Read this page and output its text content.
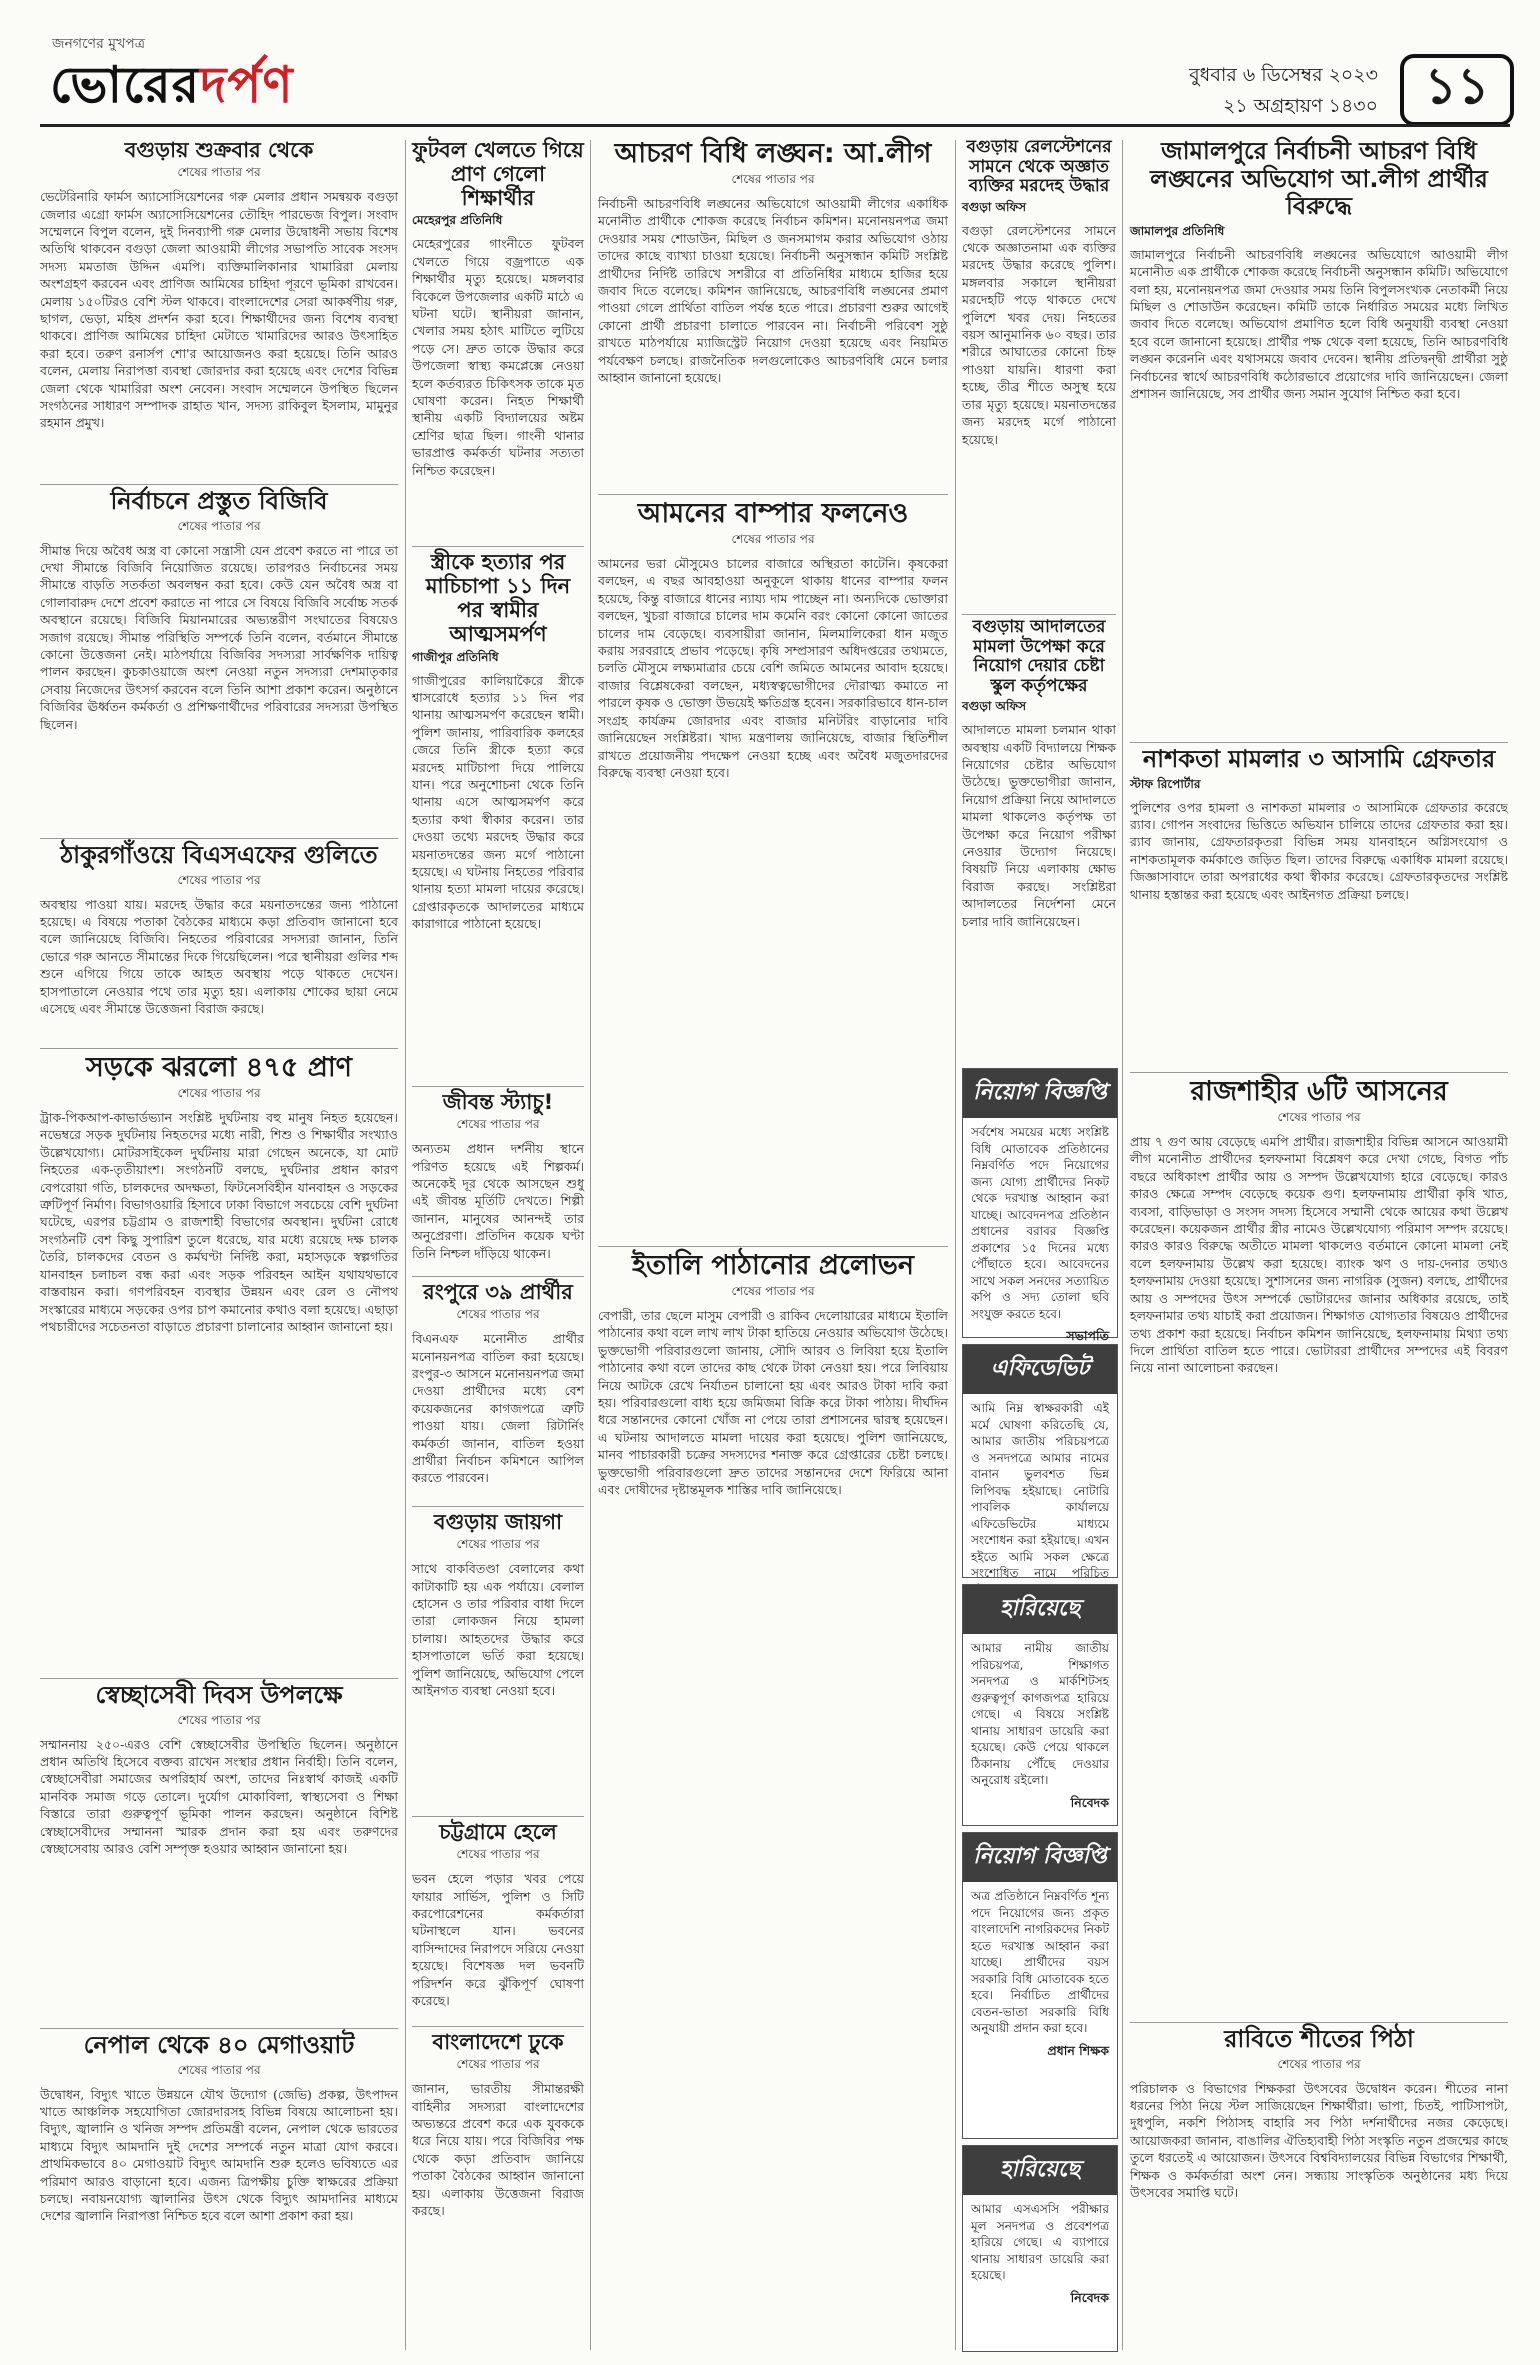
জনগণের মুখপত্র
ভোরেরদর্পণ	বুধবার ৬ ডিসেম্বর ২০২৩
২১ অগ্রহায়ণ ১৪৩০ ১১
বগুড়ায় শুক্রবার থেকে
শেষের পাতার পর

ভেটেরিনারি ফার্মস অ্যাসোসিয়েশনের গরু মেলার প্রধান সমন্বয়ক বগুড়া জেলার এগ্রো ফার্মস অ্যাসোসিয়েশনের তৌহিদ পারভেজ বিপুল। সংবাদ সম্মেলনে বিপুল বলেন, দুই দিনব্যাপী গরু মেলার উদ্বোধনী সভায় বিশেষ অতিথি থাকবেন বগুড়া জেলা আওয়ামী লীগের সভাপতি সাবেক সংসদ সদস্য মমতাজ উদ্দিন এমপি। ব্যক্তিমালিকানার খামারিরা মেলায় অংশগ্রহণ করবেন এবং প্রাণিজ আমিষের চাহিদা পূরণে ভূমিকা রাখবেন। মেলায় ১৫০টিরও বেশি স্টল থাকবে। বাংলাদেশের সেরা আকর্ষণীয় গরু, ছাগল, ভেড়া, মহিষ প্রদর্শন করা হবে। শিক্ষার্থীদের জন্য বিশেষ ব্যবস্থা থাকবে। প্রাণিজ আমিষের চাহিদা মেটাতে খামারিদের আরও উৎসাহিত করা হবে। তরুণ রনার্সপ শো'র আয়োজনও করা হয়েছে। তিনি আরও বলেন, মেলায় নিরাপত্তা ব্যবস্থা জোরদার করা হয়েছে এবং দেশের বিভিন্ন জেলা থেকে খামারিরা অংশ নেবেন। সংবাদ সম্মেলনে উপস্থিত ছিলেন সংগঠনের সাধারণ সম্পাদক রাহাত খান, সদস্য রাকিবুল ইসলাম, মামুনুর রহমান প্রমুখ।

নির্বাচনে প্রস্তুত বিজিবি
শেষের পাতার পর

সীমান্ত দিয়ে অবৈধ অস্ত্র বা কোনো সন্ত্রাসী যেন প্রবেশ করতে না পারে তা দেখা সীমান্তে বিজিবি নিয়োজিত রয়েছে। তারপরও নির্বাচনের সময় সীমান্তে বাড়তি সতর্কতা অবলম্বন করা হবে। কেউ যেন অবৈধ অস্ত্র বা গোলাবারুদ দেশে প্রবেশ করাতে না পারে সে বিষয়ে বিজিবি সর্বোচ্চ সতর্ক অবস্থানে রয়েছে। বিজিবি মিয়ানমারের অভ্যন্তরীণ সংঘাতের বিষয়েও সজাগ রয়েছে। সীমান্ত পরিস্থিতি সম্পর্কে তিনি বলেন, বর্তমানে সীমান্তে কোনো উত্তেজনা নেই। মাঠপর্যায়ে বিজিবির সদস্যরা সার্বক্ষণিক দায়িত্ব পালন করছেন। কুচকাওয়াজে অংশ নেওয়া নতুন সদস্যরা দেশমাতৃকার সেবায় নিজেদের উৎসর্গ করবেন বলে তিনি আশা প্রকাশ করেন। অনুষ্ঠানে বিজিবির ঊর্ধ্বতন কর্মকর্তা ও প্রশিক্ষণার্থীদের পরিবারের সদস্যরা উপস্থিত ছিলেন।

ঠাকুরগাঁওয়ে বিএসএফের গুলিতে
শেষের পাতার পর

অবস্থায় পাওয়া যায়। মরদেহ উদ্ধার করে ময়নাতদন্তের জন্য পাঠানো হয়েছে। এ বিষয়ে পতাকা বৈঠকের মাধ্যমে কড়া প্রতিবাদ জানানো হবে বলে জানিয়েছে বিজিবি। নিহতের পরিবারের সদস্যরা জানান, তিনি ভোরে গরু আনতে সীমান্তের দিকে গিয়েছিলেন। পরে স্থানীয়রা গুলির শব্দ শুনে এগিয়ে গিয়ে তাকে আহত অবস্থায় পড়ে থাকতে দেখেন। হাসপাতালে নেওয়ার পথে তার মৃত্যু হয়। এলাকায় শোকের ছায়া নেমে এসেছে এবং সীমান্তে উত্তেজনা বিরাজ করছে।

সড়কে ঝরলো ৪৭৫ প্রাণ
শেষের পাতার পর

ট্রাক-পিকআপ-কাভার্ডভ্যান সংশ্লিষ্ট দুর্ঘটনায় বহু মানুষ নিহত হয়েছেন। নভেম্বরে সড়ক দুর্ঘটনায় নিহতদের মধ্যে নারী, শিশু ও শিক্ষার্থীর সংখ্যাও উল্লেখযোগ্য। মোটরসাইকেল দুর্ঘটনায় মারা গেছেন অনেকে, যা মোট নিহতের এক-তৃতীয়াংশ। সংগঠনটি বলছে, দুর্ঘটনার প্রধান কারণ বেপরোয়া গতি, চালকদের অদক্ষতা, ফিটনেসবিহীন যানবাহন ও সড়কের ত্রুটিপূর্ণ নির্মাণ। বিভাগওয়ারি হিসাবে ঢাকা বিভাগে সবচেয়ে বেশি দুর্ঘটনা ঘটেছে, এরপর চট্টগ্রাম ও রাজশাহী বিভাগের অবস্থান। দুর্ঘটনা রোধে সংগঠনটি বেশ কিছু সুপারিশ তুলে ধরেছে, যার মধ্যে রয়েছে দক্ষ চালক তৈরি, চালকদের বেতন ও কর্মঘণ্টা নির্দিষ্ট করা, মহাসড়কে স্বল্পগতির যানবাহন চলাচল বন্ধ করা এবং সড়ক পরিবহন আইন যথাযথভাবে বাস্তবায়ন করা। গণপরিবহন ব্যবস্থার উন্নয়ন এবং রেল ও নৌপথ সংস্কারের মাধ্যমে সড়কের ওপর চাপ কমানোর কথাও বলা হয়েছে। এছাড়া পথচারীদের সচেতনতা বাড়াতে প্রচারণা চালানোর আহ্বান জানানো হয়।

স্বেচ্ছাসেবী দিবস উপলক্ষে
শেষের পাতার পর

সম্মাননায় ২৫০-এরও বেশি স্বেচ্ছাসেবীর উপস্থিতি ছিলেন। অনুষ্ঠানে প্রধান অতিথি হিসেবে বক্তব্য রাখেন সংস্থার প্রধান নির্বাহী। তিনি বলেন, স্বেচ্ছাসেবীরা সমাজের অপরিহার্য অংশ, তাদের নিঃস্বার্থ কাজই একটি মানবিক সমাজ গড়ে তোলে। দুর্যোগ মোকাবিলা, স্বাস্থ্যসেবা ও শিক্ষা বিস্তারে তারা গুরুত্বপূর্ণ ভূমিকা পালন করছেন। অনুষ্ঠানে বিশিষ্ট স্বেচ্ছাসেবীদের সম্মাননা স্মারক প্রদান করা হয় এবং তরুণদের স্বেচ্ছাসেবায় আরও বেশি সম্পৃক্ত হওয়ার আহ্বান জানানো হয়।

নেপাল থেকে ৪০ মেগাওয়াট
শেষের পাতার পর

উদ্বোধন, বিদ্যুৎ খাতে উন্নয়নে যৌথ উদ্যোগ (জেভি) প্রকল্প, উৎপাদন খাতে আঞ্চলিক সহযোগিতা জোরদারসহ বিভিন্ন বিষয়ে আলোচনা হয়। বিদ্যুৎ, জ্বালানি ও খনিজ সম্পদ প্রতিমন্ত্রী বলেন, নেপাল থেকে ভারতের মাধ্যমে বিদ্যুৎ আমদানি দুই দেশের সম্পর্কে নতুন মাত্রা যোগ করবে। প্রাথমিকভাবে ৪০ মেগাওয়াট বিদ্যুৎ আমদানি শুরু হলেও ভবিষ্যতে এর পরিমাণ আরও বাড়ানো হবে। এজন্য ত্রিপক্ষীয় চুক্তি স্বাক্ষরের প্রক্রিয়া চলছে। নবায়নযোগ্য জ্বালানির উৎস থেকে বিদ্যুৎ আমদানির মাধ্যমে দেশের জ্বালানি নিরাপত্তা নিশ্চিত হবে বলে আশা প্রকাশ করা হয়।

ফুটবল খেলতে গিয়ে প্রাণ গেলো শিক্ষার্থীর
মেহেরপুর প্রতিনিধি

মেহেরপুরের গাংনীতে ফুটবল খেলতে গিয়ে বজ্রপাতে এক শিক্ষার্থীর মৃত্যু হয়েছে। মঙ্গলবার বিকেলে উপজেলার একটি মাঠে এ ঘটনা ঘটে। স্থানীয়রা জানান, খেলার সময় হঠাৎ মাটিতে লুটিয়ে পড়ে সে। দ্রুত তাকে উদ্ধার করে উপজেলা স্বাস্থ্য কমপ্লেক্সে নেওয়া হলে কর্তব্যরত চিকিৎসক তাকে মৃত ঘোষণা করেন। নিহত শিক্ষার্থী স্থানীয় একটি বিদ্যালয়ের অষ্টম শ্রেণির ছাত্র ছিল। গাংনী থানার ভারপ্রাপ্ত কর্মকর্তা ঘটনার সত্যতা নিশ্চিত করেছেন।

স্ত্রীকে হত্যার পর মাচিচাপা ১১ দিন পর স্বামীর আত্মসমর্পণ
গাজীপুর প্রতিনিধি

গাজীপুরের কালিয়াকৈরে স্ত্রীকে শ্বাসরোধে হত্যার ১১ দিন পর থানায় আত্মসমর্পণ করেছেন স্বামী। পুলিশ জানায়, পারিবারিক কলহের জেরে তিনি স্ত্রীকে হত্যা করে মরদেহ মাটিচাপা দিয়ে পালিয়ে যান। পরে অনুশোচনা থেকে তিনি থানায় এসে আত্মসমর্পণ করে হত্যার কথা স্বীকার করেন। তার দেওয়া তথ্যে মরদেহ উদ্ধার করে ময়নাতদন্তের জন্য মর্গে পাঠানো হয়েছে। এ ঘটনায় নিহতের পরিবার থানায় হত্যা মামলা দায়ের করেছে। গ্রেপ্তারকৃতকে আদালতের মাধ্যমে কারাগারে পাঠানো হয়েছে।

জীবন্ত স্ট্যাচু!
শেষের পাতার পর

অন্যতম প্রধান দর্শনীয় স্থানে পরিণত হয়েছে এই শিল্পকর্ম। অনেকেই দূর থেকে আসছেন শুধু এই জীবন্ত মূর্তিটি দেখতে। শিল্পী জানান, মানুষের আনন্দই তার অনুপ্রেরণা। প্রতিদিন কয়েক ঘণ্টা তিনি নিশ্চল দাঁড়িয়ে থাকেন।

রংপুরে ৩৯ প্রার্থীর
শেষের পাতার পর

বিএনএফ মনোনীত প্রার্থীর মনোনয়নপত্র বাতিল করা হয়েছে। রংপুর-৩ আসনে মনোনয়নপত্র জমা দেওয়া প্রার্থীদের মধ্যে বেশ কয়েকজনের কাগজপত্রে ত্রুটি পাওয়া যায়। জেলা রিটার্নিং কর্মকর্তা জানান, বাতিল হওয়া প্রার্থীরা নির্বাচন কমিশনে আপিল করতে পারবেন।

বগুড়ায় জায়গা
শেষের পাতার পর

সাথে বাকবিতণ্ডা বেলালের কথা কাটাকাটি হয় এক পর্যায়ে। বেলাল হোসেন ও তার পরিবার বাধা দিলে তারা লোকজন নিয়ে হামলা চালায়। আহতদের উদ্ধার করে হাসপাতালে ভর্তি করা হয়েছে। পুলিশ জানিয়েছে, অভিযোগ পেলে আইনগত ব্যবস্থা নেওয়া হবে।

চট্টগ্রামে হেলে
শেষের পাতার পর

ভবন হেলে পড়ার খবর পেয়ে ফায়ার সার্ভিস, পুলিশ ও সিটি করপোরেশনের কর্মকর্তারা ঘটনাস্থলে যান। ভবনের বাসিন্দাদের নিরাপদে সরিয়ে নেওয়া হয়েছে। বিশেষজ্ঞ দল ভবনটি পরিদর্শন করে ঝুঁকিপূর্ণ ঘোষণা করেছে।

বাংলাদেশে ঢুকে
শেষের পাতার পর

জানান, ভারতীয় সীমান্তরক্ষী বাহিনীর সদস্যরা বাংলাদেশের অভ্যন্তরে প্রবেশ করে এক যুবককে ধরে নিয়ে যায়। পরে বিজিবির পক্ষ থেকে কড়া প্রতিবাদ জানিয়ে পতাকা বৈঠকের আহ্বান জানানো হয়। এলাকায় উত্তেজনা বিরাজ করছে।

আচরণ বিধি লঙ্ঘন: আ.লীগ
শেষের পাতার পর

নির্বাচনী আচরণবিধি লঙ্ঘনের অভিযোগে আওয়ামী লীগের একাধিক মনোনীত প্রার্থীকে শোকজ করেছে নির্বাচন কমিশন। মনোনয়নপত্র জমা দেওয়ার সময় শোডাউন, মিছিল ও জনসমাগম করার অভিযোগ ওঠায় তাদের কাছে ব্যাখ্যা চাওয়া হয়েছে। নির্বাচনী অনুসন্ধান কমিটি সংশ্লিষ্ট প্রার্থীদের নির্দিষ্ট তারিখে সশরীরে বা প্রতিনিধির মাধ্যমে হাজির হয়ে জবাব দিতে বলেছে। কমিশন জানিয়েছে, আচরণবিধি লঙ্ঘনের প্রমাণ পাওয়া গেলে প্রার্থিতা বাতিল পর্যন্ত হতে পারে। প্রচারণা শুরুর আগেই কোনো প্রার্থী প্রচারণা চালাতে পারবেন না। নির্বাচনী পরিবেশ সুষ্ঠু রাখতে মাঠপর্যায়ে ম্যাজিস্ট্রেট নিয়োগ দেওয়া হয়েছে এবং নিয়মিত পর্যবেক্ষণ চলছে। রাজনৈতিক দলগুলোকেও আচরণবিধি মেনে চলার আহ্বান জানানো হয়েছে।

আমনের বাম্পার ফলনেও
শেষের পাতার পর

আমনের ভরা মৌসুমেও চালের বাজারে অস্থিরতা কাটেনি। কৃষকেরা বলছেন, এ বছর আবহাওয়া অনুকূলে থাকায় ধানের বাম্পার ফলন হয়েছে, কিন্তু বাজারে ধানের ন্যায্য দাম পাচ্ছেন না। অন্যদিকে ভোক্তারা বলছেন, খুচরা বাজারে চালের দাম কমেনি বরং কোনো কোনো জাতের চালের দাম বেড়েছে। ব্যবসায়ীরা জানান, মিলমালিকেরা ধান মজুত করায় সরবরাহে প্রভাব পড়েছে। কৃষি সম্প্রসারণ অধিদপ্তরের তথ্যমতে, চলতি মৌসুমে লক্ষ্যমাত্রার চেয়ে বেশি জমিতে আমনের আবাদ হয়েছে। বাজার বিশ্লেষকেরা বলছেন, মধ্যস্বত্বভোগীদের দৌরাত্ম্য কমাতে না পারলে কৃষক ও ভোক্তা উভয়েই ক্ষতিগ্রস্ত হবেন। সরকারিভাবে ধান-চাল সংগ্রহ কার্যক্রম জোরদার এবং বাজার মনিটরিং বাড়ানোর দাবি জানিয়েছেন সংশ্লিষ্টরা। খাদ্য মন্ত্রণালয় জানিয়েছে, বাজার স্থিতিশীল রাখতে প্রয়োজনীয় পদক্ষেপ নেওয়া হচ্ছে এবং অবৈধ মজুতদারদের বিরুদ্ধে ব্যবস্থা নেওয়া হবে।

ইতালি পাঠানোর প্রলোভন
শেষের পাতার পর

বেপারী, তার ছেলে মাসুম বেপারী ও রাকিব দেলোয়ারের মাধ্যমে ইতালি পাঠানোর কথা বলে লাখ লাখ টাকা হাতিয়ে নেওয়ার অভিযোগ উঠেছে। ভুক্তভোগী পরিবারগুলো জানায়, সৌদি আরব ও লিবিয়া হয়ে ইতালি পাঠানোর কথা বলে তাদের কাছ থেকে টাকা নেওয়া হয়। পরে লিবিয়ায় নিয়ে আটকে রেখে নির্যাতন চালানো হয় এবং আরও টাকা দাবি করা হয়। পরিবারগুলো বাধ্য হয়ে জমিজমা বিক্রি করে টাকা পাঠায়। দীর্ঘদিন ধরে সন্তানদের কোনো খোঁজ না পেয়ে তারা প্রশাসনের দ্বারস্থ হয়েছেন। এ ঘটনায় আদালতে মামলা দায়ের করা হয়েছে। পুলিশ জানিয়েছে, মানব পাচারকারী চক্রের সদস্যদের শনাক্ত করে গ্রেপ্তারের চেষ্টা চলছে। ভুক্তভোগী পরিবারগুলো দ্রুত তাদের সন্তানদের দেশে ফিরিয়ে আনা এবং দোষীদের দৃষ্টান্তমূলক শাস্তির দাবি জানিয়েছে।

বগুড়ায় রেলস্টেশনের সামনে থেকে অজ্ঞাত ব্যক্তির মরদেহ উদ্ধার
বগুড়া অফিস

বগুড়া রেলস্টেশনের সামনে থেকে অজ্ঞাতনামা এক ব্যক্তির মরদেহ উদ্ধার করেছে পুলিশ। মঙ্গলবার সকালে স্থানীয়রা মরদেহটি পড়ে থাকতে দেখে পুলিশে খবর দেয়। নিহতের বয়স আনুমানিক ৬০ বছর। তার শরীরে আঘাতের কোনো চিহ্ন পাওয়া যায়নি। ধারণা করা হচ্ছে, তীব্র শীতে অসুস্থ হয়ে তার মৃত্যু হয়েছে। ময়নাতদন্তের জন্য মরদেহ মর্গে পাঠানো হয়েছে।

বগুড়ায় আদালতের মামলা উপেক্ষা করে নিয়োগ দেয়ার চেষ্টা স্কুল কর্তৃপক্ষের
বগুড়া অফিস

আদালতে মামলা চলমান থাকা অবস্থায় একটি বিদ্যালয়ে শিক্ষক নিয়োগের চেষ্টার অভিযোগ উঠেছে। ভুক্তভোগীরা জানান, নিয়োগ প্রক্রিয়া নিয়ে আদালতে মামলা থাকলেও কর্তৃপক্ষ তা উপেক্ষা করে নিয়োগ পরীক্ষা নেওয়ার উদ্যোগ নিয়েছে। বিষয়টি নিয়ে এলাকায় ক্ষোভ বিরাজ করছে। সংশ্লিষ্টরা আদালতের নির্দেশনা মেনে চলার দাবি জানিয়েছেন।

নিয়োগ বিজ্ঞপ্তি
সর্বশেষ সময়ের মধ্যে সংশ্লিষ্ট বিধি মোতাবেক প্রতিষ্ঠানের নিম্নবর্ণিত পদে নিয়োগের জন্য যোগ্য প্রার্থীদের নিকট থেকে দরখাস্ত আহ্বান করা যাচ্ছে। আবেদনপত্র প্রতিষ্ঠান প্রধানের বরাবর বিজ্ঞপ্তি প্রকাশের ১৫ দিনের মধ্যে পৌঁছাতে হবে। আবেদনের সাথে সকল সনদের সত্যায়িত কপি ও সদ্য তোলা ছবি সংযুক্ত করতে হবে।
সভাপতি
এফিডেভিট
আমি নিম্ন স্বাক্ষরকারী এই মর্মে ঘোষণা করিতেছি যে, আমার জাতীয় পরিচয়পত্রে ও সনদপত্রে আমার নামের বানান ভুলবশত ভিন্ন লিপিবদ্ধ হইয়াছে। নোটারি পাবলিক কার্যালয়ে এফিডেভিটের মাধ্যমে সংশোধন করা হইয়াছে। এখন হইতে আমি সকল ক্ষেত্রে সংশোধিত নামে পরিচিত
হারিয়েছে
আমার নামীয় জাতীয় পরিচয়পত্র, শিক্ষাগত সনদপত্র ও মার্কশিটসহ গুরুত্বপূর্ণ কাগজপত্র হারিয়ে গেছে। এ বিষয়ে সংশ্লিষ্ট থানায় সাধারণ ডায়েরি করা হয়েছে। কেউ পেয়ে থাকলে ঠিকানায় পৌঁছে দেওয়ার অনুরোধ রইলো।
নিবেদক
নিয়োগ বিজ্ঞপ্তি
অত্র প্রতিষ্ঠানে নিম্নবর্ণিত শূন্য পদে নিয়োগের জন্য প্রকৃত বাংলাদেশি নাগরিকদের নিকট হতে দরখাস্ত আহ্বান করা যাচ্ছে। প্রার্থীদের বয়স সরকারি বিধি মোতাবেক হতে হবে। নির্বাচিত প্রার্থীদের বেতন-ভাতা সরকারি বিধি অনুযায়ী প্রদান করা হবে।
প্রধান শিক্ষক
হারিয়েছে
আমার এসএসসি পরীক্ষার মূল সনদপত্র ও প্রবেশপত্র হারিয়ে গেছে। এ ব্যাপারে থানায় সাধারণ ডায়েরি করা হয়েছে।
নিবেদক
জামালপুরে নির্বাচনী আচরণ বিধি লঙ্ঘনের অভিযোগ আ.লীগ প্রার্থীর বিরুদ্ধে
জামালপুর প্রতিনিধি

জামালপুরে নির্বাচনী আচরণবিধি লঙ্ঘনের অভিযোগে আওয়ামী লীগ মনোনীত এক প্রার্থীকে শোকজ করেছে নির্বাচনী অনুসন্ধান কমিটি। অভিযোগে বলা হয়, মনোনয়নপত্র জমা দেওয়ার সময় তিনি বিপুলসংখ্যক নেতাকর্মী নিয়ে মিছিল ও শোডাউন করেছেন। কমিটি তাকে নির্ধারিত সময়ের মধ্যে লিখিত জবাব দিতে বলেছে। অভিযোগ প্রমাণিত হলে বিধি অনুযায়ী ব্যবস্থা নেওয়া হবে বলে জানানো হয়েছে। প্রার্থীর পক্ষ থেকে বলা হয়েছে, তিনি আচরণবিধি লঙ্ঘন করেননি এবং যথাসময়ে জবাব দেবেন। স্থানীয় প্রতিদ্বন্দ্বী প্রার্থীরা সুষ্ঠু নির্বাচনের স্বার্থে আচরণবিধি কঠোরভাবে প্রয়োগের দাবি জানিয়েছেন। জেলা প্রশাসন জানিয়েছে, সব প্রার্থীর জন্য সমান সুযোগ নিশ্চিত করা হবে।

নাশকতা মামলার ৩ আসামি গ্রেফতার
স্টাফ রিপোর্টার

পুলিশের ওপর হামলা ও নাশকতা মামলার ৩ আসামিকে গ্রেফতার করেছে র‌্যাব। গোপন সংবাদের ভিত্তিতে অভিযান চালিয়ে তাদের গ্রেফতার করা হয়। র‌্যাব জানায়, গ্রেফতারকৃতরা বিভিন্ন সময় যানবাহনে অগ্নিসংযোগ ও নাশকতামূলক কর্মকাণ্ডে জড়িত ছিল। তাদের বিরুদ্ধে একাধিক মামলা রয়েছে। জিজ্ঞাসাবাদে তারা অপরাধের কথা স্বীকার করেছে। গ্রেফতারকৃতদের সংশ্লিষ্ট থানায় হস্তান্তর করা হয়েছে এবং আইনগত প্রক্রিয়া চলছে।

রাজশাহীর ৬টি আসনের
শেষের পাতার পর

প্রায় ৭ গুণ আয় বেড়েছে এমপি প্রার্থীর। রাজশাহীর বিভিন্ন আসনে আওয়ামী লীগ মনোনীত প্রার্থীদের হলফনামা বিশ্লেষণ করে দেখা গেছে, বিগত পাঁচ বছরে অধিকাংশ প্রার্থীর আয় ও সম্পদ উল্লেখযোগ্য হারে বেড়েছে। কারও কারও ক্ষেত্রে সম্পদ বেড়েছে কয়েক গুণ। হলফনামায় প্রার্থীরা কৃষি খাত, ব্যবসা, বাড়িভাড়া ও সংসদ সদস্য হিসেবে সম্মানী থেকে আয়ের কথা উল্লেখ করেছেন। কয়েকজন প্রার্থীর স্ত্রীর নামেও উল্লেখযোগ্য পরিমাণ সম্পদ রয়েছে। কারও কারও বিরুদ্ধে অতীতে মামলা থাকলেও বর্তমানে কোনো মামলা নেই বলে হলফনামায় উল্লেখ করা হয়েছে। ব্যাংক ঋণ ও দায়-দেনার তথ্যও হলফনামায় দেওয়া হয়েছে। সুশাসনের জন্য নাগরিক (সুজন) বলছে, প্রার্থীদের আয় ও সম্পদের উৎস সম্পর্কে ভোটারদের জানার অধিকার রয়েছে, তাই হলফনামার তথ্য যাচাই করা প্রয়োজন। শিক্ষাগত যোগ্যতার বিষয়েও প্রার্থীদের তথ্য প্রকাশ করা হয়েছে। নির্বাচন কমিশন জানিয়েছে, হলফনামায় মিথ্যা তথ্য দিলে প্রার্থিতা বাতিল হতে পারে। ভোটাররা প্রার্থীদের সম্পদের এই বিবরণ নিয়ে নানা আলোচনা করছেন।

রাবিতে শীতের পিঠা
শেষের পাতার পর

পরিচালক ও বিভাগের শিক্ষকরা উৎসবের উদ্বোধন করেন। শীতের নানা ধরনের পিঠা নিয়ে স্টল সাজিয়েছেন শিক্ষার্থীরা। ভাপা, চিতই, পাটিসাপটা, দুধপুলি, নকশি পিঠাসহ বাহারি সব পিঠা দর্শনার্থীদের নজর কেড়েছে। আয়োজকরা জানান, বাঙালির ঐতিহ্যবাহী পিঠা সংস্কৃতি নতুন প্রজন্মের কাছে তুলে ধরতেই এ আয়োজন। উৎসবে বিশ্ববিদ্যালয়ের বিভিন্ন বিভাগের শিক্ষার্থী, শিক্ষক ও কর্মকর্তারা অংশ নেন। সন্ধ্যায় সাংস্কৃতিক অনুষ্ঠানের মধ্য দিয়ে উৎসবের সমাপ্তি ঘটে।
